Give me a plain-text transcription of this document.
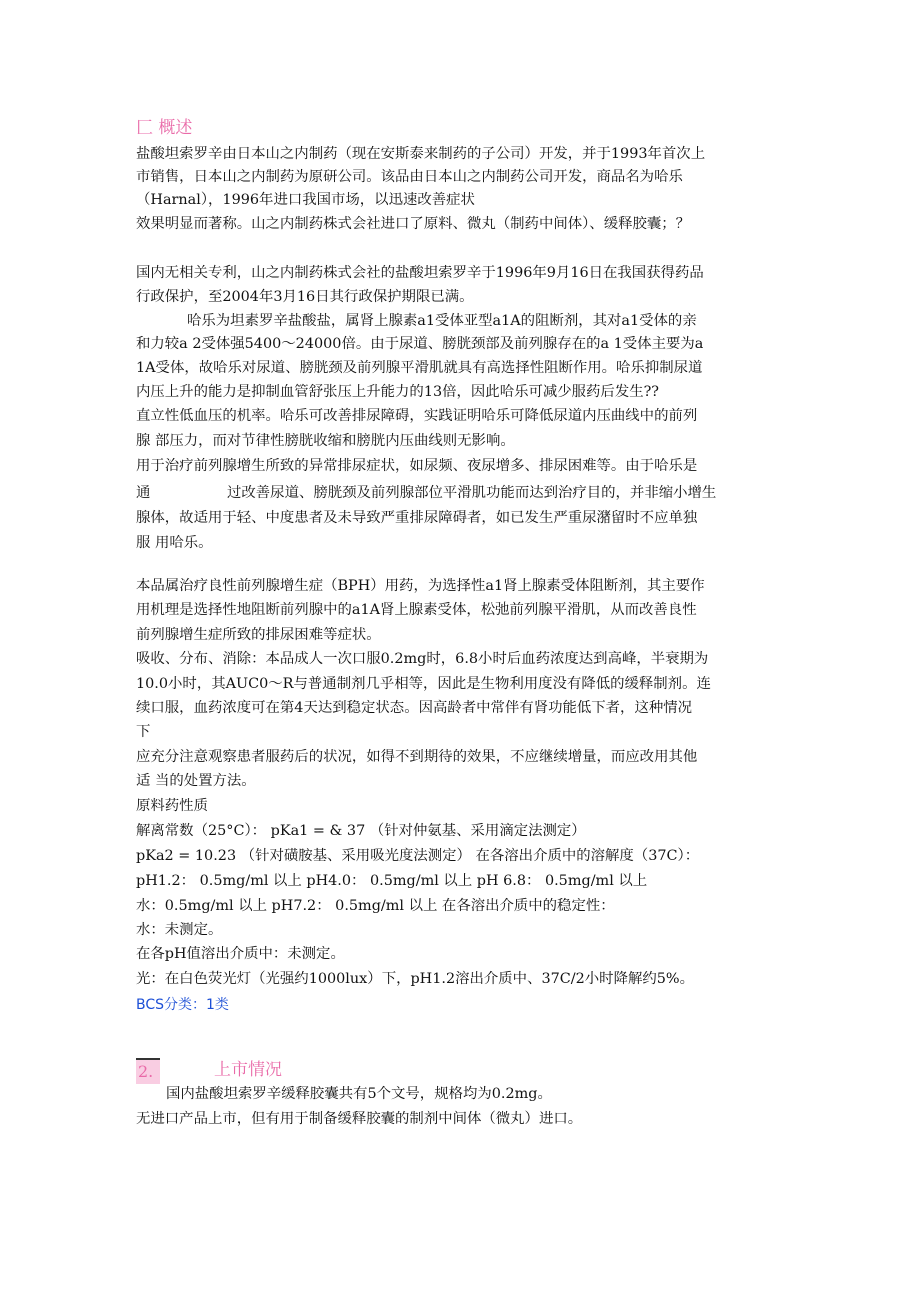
匚 概述

盐酸坦索罗辛由日本山之内制药（现在安斯泰来制药的子公司）开发，并于1993年首次上

市销售，日本山之内制药为原研公司。该品由日本山之内制药公司开发，商品名为哈乐

（Harnal），1996年进口我国市场，以迅速改善症状

效果明显而著称。山之内制药株式会社进口了原料、微丸（制药中间体）、缓释胶囊；？

国内无相关专利，山之内制药株式会社的盐酸坦索罗辛于1996年9月16日在我国获得药品

行政保护，至2004年3月16日其行政保护期限已满。

哈乐为坦素罗辛盐酸盐，属肾上腺素a1受体亚型a1A的阻断剂，其对a1受体的亲

和力较a 2受体强5400～24000倍。由于尿道、膀胱颈部及前列腺存在的a 1受体主要为a

1A受体，故哈乐对尿道、膀胱颈及前列腺平滑肌就具有高选择性阻断作用。哈乐抑制尿道

内压上升的能力是抑制血管舒张压上升能力的13倍，因此哈乐可减少服药后发生??

直立性低血压的机率。哈乐可改善排尿障碍，实践证明哈乐可降低尿道内压曲线中的前列

腺 部压力，而对节律性膀胱收缩和膀胱内压曲线则无影响。

用于治疗前列腺增生所致的异常排尿症状，如尿频、夜尿增多、排尿困难等。由于哈乐是

通	过改善尿道、膀胱颈及前列腺部位平滑肌功能而达到治疗目的，并非缩小增生

腺体，故适用于轻、中度患者及未导致严重排尿障碍者，如已发生严重尿潴留时不应单独

服 用哈乐。

本品属治疗良性前列腺增生症（BPH）用药，为选择性a1肾上腺素受体阻断剂，其主要作

用机理是选择性地阻断前列腺中的a1A肾上腺素受体，松弛前列腺平滑肌，从而改善良性

前列腺增生症所致的排尿困难等症状。

吸收、分布、消除：本品成人一次口服0.2mg时，6.8小时后血药浓度达到高峰，半衰期为

10.0小时，其AUC0～R与普通制剂几乎相等，因此是生物利用度没有降低的缓释制剂。连

续口服，血药浓度可在第4天达到稳定状态。因高龄者中常伴有肾功能低下者，这种情况

下

应充分注意观察患者服药后的状况，如得不到期待的效果，不应继续增量，而应改用其他

适 当的处置方法。

原料药性质

解离常数（25°C）： pKa1 = & 37 （针对仲氨基、采用滴定法测定）

pKa2 = 10.23 （针对磺胺基、采用吸光度法测定） 在各溶出介质中的溶解度（37C）：

pH1.2： 0.5mg/ml 以上 pH4.0： 0.5mg/ml 以上 pH 6.8： 0.5mg/ml 以上

水：0.5mg/ml 以上 pH7.2： 0.5mg/ml 以上 在各溶出介质中的稳定性：

水：未测定。

在各pH值溶出介质中：未测定。

光：在白色荧光灯（光强约1000lux）下，pH1.2溶出介质中、37C/2小时降解约5%。

BCS分类：1类

2.	上市情况

国内盐酸坦索罗辛缓释胶囊共有5个文号，规格均为0.2mg。

无进口产品上市，但有用于制备缓释胶囊的制剂中间体（微丸）进口。
